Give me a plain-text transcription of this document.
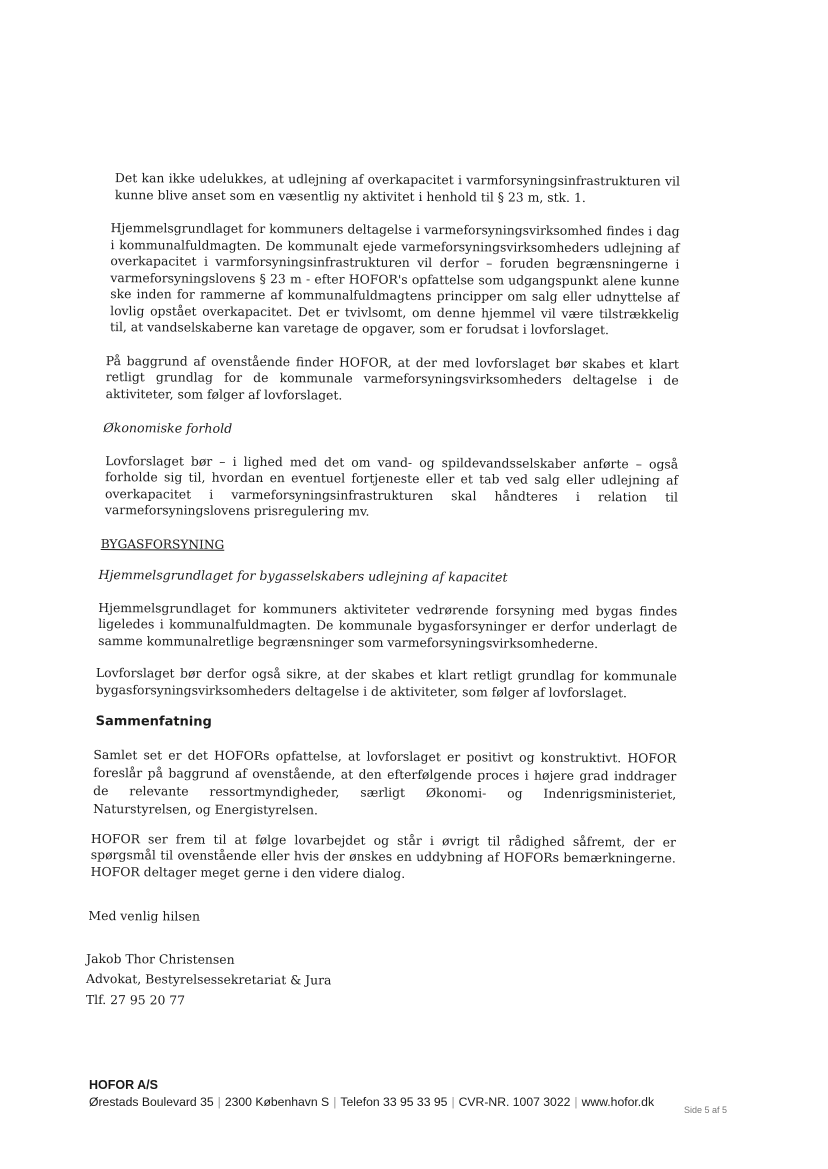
Det kan ikke udelukkes, at udlejning af overkapacitet i varmforsyningsinfrastrukturen vil kunne blive anset som en væsentlig ny aktivitet i henhold til § 23 m, stk. 1.

Hjemmelsgrundlaget for kommuners deltagelse i varmeforsyningsvirksomhed findes i dag i kommunalfuldmagten. De kommunalt ejede varmeforsyningsvirksomheders udlejning af overkapacitet i varmforsyningsinfrastrukturen vil derfor – foruden begrænsningerne i varmeforsyningslovens § 23 m - efter HOFOR's opfattelse som udgangspunkt alene kunne ske inden for rammerne af kommunalfuldmagtens principper om salg eller udnyttelse af lovlig opstået overkapacitet. Det er tvivlsomt, om denne hjemmel vil være tilstrækkelig til, at vandselskaberne kan varetage de opgaver, som er forudsat i lovforslaget.

På baggrund af ovenstående finder HOFOR, at der med lovforslaget bør skabes et klart retligt grundlag for de kommunale varmeforsyningsvirksomheders deltagelse i de aktiviteter, som følger af lovforslaget.

Økonomiske forhold

Lovforslaget bør – i lighed med det om vand- og spildevandsselskaber anførte – også forholde sig til, hvordan en eventuel fortjeneste eller et tab ved salg eller udlejning af overkapacitet i varmeforsyningsinfrastrukturen skal håndteres i relation til varmeforsyningslovens prisregulering mv.

BYGASFORSYNING

Hjemmelsgrundlaget for bygasselskabers udlejning af kapacitet

Hjemmelsgrundlaget for kommuners aktiviteter vedrørende forsyning med bygas findes ligeledes i kommunalfuldmagten. De kommunale bygasforsyninger er derfor underlagt de samme kommunalretlige begrænsninger som varmeforsyningsvirksomhederne.

Lovforslaget bør derfor også sikre, at der skabes et klart retligt grundlag for kommunale bygasforsyningsvirksomheders deltagelse i de aktiviteter, som følger af lovforslaget.

Sammenfatning

Samlet set er det HOFORs opfattelse, at lovforslaget er positivt og konstruktivt. HOFOR foreslår på baggrund af ovenstående, at den efterfølgende proces i højere grad inddrager de relevante ressortmyndigheder, særligt Økonomi- og Indenrigsministeriet, Naturstyrelsen, og Energistyrelsen.

HOFOR ser frem til at følge lovarbejdet og står i øvrigt til rådighed såfremt, der er spørgsmål til ovenstående eller hvis der ønskes en uddybning af HOFORs bemærkningerne. HOFOR deltager meget gerne i den videre dialog.

Med venlig hilsen

Jakob Thor Christensen
Advokat, Bestyrelsessekretariat & Jura
Tlf. 27 95 20 77
HOFOR A/S
Ørestads Boulevard 35 | 2300 København S | Telefon 33 95 33 95 | CVR-NR. 1007 3022 | www.hofor.dk
Side 5 af 5
